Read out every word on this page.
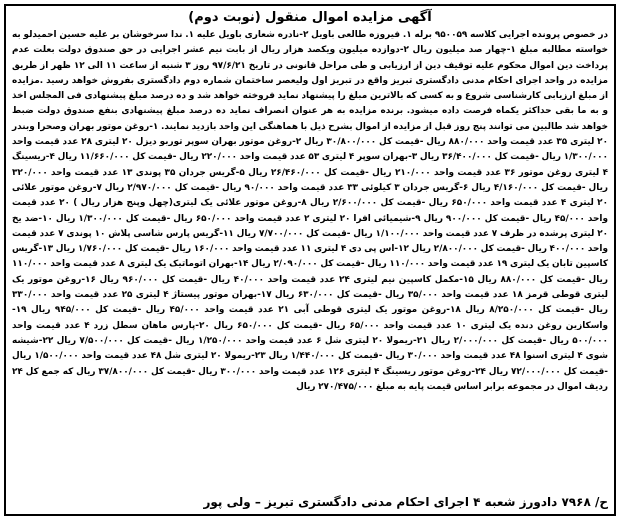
آگهی مزایده اموال منقول (نوبت دوم)
در خصوص پرونده اجرایی کلاسه ۹۵۰۰۵۹ برله ۱. فیروزه طالعی باویل ۲-نادره شعاری باویل علیه ۱. ندا سرخوشان بر علیه حسین احمیدلو به خواسته مطالبه مبلغ ۱-چهار صد میلیون ریال ۲-دوازده میلیون ویکصد هزار ریال از بابت نیم عشر اجرایی در حق صندوق دولت بعلت عدم پرداخت دین اموال محکوم علیه توقیف دین از ارزیابی و طی مراحل قانونی در تاریخ ۹۷/۶/۲۱ روز ۳ شنبه از ساعت ۱۱ الی ۱۲ ظهر از طریق مزایده در واحد اجرای احکام مدنی دادگستری تبریز واقع در تبریز اول ولیعصر ساختمان شماره دوم دادگستری بفروش خواهد رسید .مزایده از مبلغ ارزیابی کارشناسی شروع و به کسی که بالاترین مبلغ را پیشنهاد نماید فروخته خواهد شد و ده درصد مبلغ پیشنهادی فی المجلس اخذ و به ما بقی حداکثر یکماه فرصت داده میشود. برنده مزایده به هر عنوان انصراف نماید ده درصد مبلغ پیشنهادی بنفع صندوق دولت ضبط خواهد شد طالبین می توانند پنج روز قبل از مزایده از اموال بشرح ذیل با هماهنگی این واحد بازدید نمایند. ۱-روغن موتور بهران وصحرا وبندر ۲۰ لیتری ۳۵ عدد قیمت واحد ۸۸۰/۰۰۰ ریال -قیمت کل ۳۰/۸۰۰/۰۰۰ ریال ۲-روغن موتور بهران سوپر توربو دیزل ۲۰ لیتری ۲۸ عدد قیمت واحد ۱/۳۰۰/۰۰۰ ریال -قیمت کل ۳۶/۴۰۰/۰۰۰ ریال ۳-بهران سوپر ۴ لیتری ۵۳ عدد قیمت واحد ۲۲۰/۰۰۰ ریال -قیمت کل ۱۱/۶۶۰/۰۰۰ ریال ۴-ریسینگ ۴ لیتری روغن موتور ۳۶ عدد قیمت واحد ۲۱۰/۰۰۰ ریال -قیمت کل ۲۶/۴۶۰/۰۰۰ ریال ۵-گریس جردان ۳۵ پوندی ۱۳ عدد قیمت واحد ۳۲۰/۰۰۰ ریال -قیمت کل ۴/۱۶۰/۰۰۰ ریال ۶-گریس جردان ۳ کیلوئی ۳۳ عدد قیمت واحد ۹۰/۰۰۰ ریال -قیمت کل ۲/۹۷۰/۰۰۰ ریال ۷-روغن موتور علائی ۲۰ لیتری ۴ عدد قیمت واحد ۶۵۰/۰۰۰ ریال -قیمت کل ۲/۶۰۰/۰۰۰ ریال ۸-روغن موتور علائی یک لیتری(چهل وپنج هزار ریال ) ۲۰ عدد قیمت واحد ۴۵/۰۰۰ ریال -قیمت کل ۹۰۰/۰۰۰ ریال ۹-شیمیائی افرا ۲۰ لیتری ۲ عدد قیمت واحد ۶۵۰/۰۰۰ ریال -قیمت کل ۱/۳۰۰/۰۰۰ ریال ۱۰-ضد یخ ۲۰ لیتری پرشده در ظرف ۷ عدد قیمت واحد ۱/۱۰۰/۰۰۰ ریال -قیمت کل ۷/۷۰۰/۰۰۰ ریال ۱۱-گریس پارس شاسی پلاش ۱۰ پوندی ۷ عدد قیمت واحد ۴۰۰/۰۰۰ ریال -قیمت کل ۲/۸۰۰/۰۰۰ ریال ۱۲-اس پی دی ۴ لیتری ۱۱ عدد قیمت واحد ۱۶۰/۰۰۰ ریال -قیمت کل ۱/۷۶۰/۰۰۰ ریال ۱۳-گریس کاسپین تابان یک لیتری ۱۹ عدد قیمت واحد ۱۱۰/۰۰۰ ریال -قیمت کل ۲/۰۹۰/۰۰۰ ریال ۱۴-بهران اتوماتیک یک لیتری ۸ عدد قیمت واحد ۱۱۰/۰۰۰ ریال -قیمت کل ۸۸۰/۰۰۰ ریال ۱۵-مکمل کاسپین نیم لیتری ۲۴ عدد قیمت واحد ۴۰/۰۰۰ ریال -قیمت کل ۹۶۰/۰۰۰ ریال ۱۶-روغن موتور یک لیتری قوطی قرمز ۱۸ عدد قیمت واحد ۳۵/۰۰۰ ریال -قیمت کل ۶۳۰/۰۰۰ ریال ۱۷-بهران موتور پیستاژ ۴ لیتری ۲۵ عدد قیمت واحد ۳۳۰/۰۰۰ ریال -قیمت کل ۸/۲۵۰/۰۰۰ ریال ۱۸-روغن موتور یک لیتری قوطی آبی ۲۱ عدد قیمت واحد ۴۵/۰۰۰ ریال -قیمت کل ۹۴۵/۰۰۰ ریال ۱۹-واسکازین روغن دنده یک لیتری ۱۰ عدد قیمت واحد ۶۵/۰۰۰ ریال -قیمت کل ۶۵۰/۰۰۰ ریال ۲۰-پارس ماهان سطل زرد ۴ عدد قیمت واحد ۵۰۰/۰۰۰ ریال -قیمت کل ۲/۰۰۰/۰۰۰ ریال ۲۱-ریمولا ۲۰ لیتری شل ۶ عدد قیمت واحد ۱/۲۵۰/۰۰۰ ریال -قیمت کل ۷/۵۰۰/۰۰۰ ریال ۲۲-شیشه شوی ۴ لیتری اسنوا ۴۸ عدد قیمت واحد ۳۰/۰۰۰ ریال -قیمت کل ۱/۴۴۰/۰۰۰ ریال ۲۳-ریمولا ۲۰ لیتری شل ۴۸ عدد قیمت واحد ۱/۵۰۰/۰۰۰ ریال -قیمت کل ۷۲/۰۰۰/۰۰۰ ریال ۲۴-روغن موتور ریسینگ ۴ لیتری ۱۲۶ عدد قیمت واحد ۳۰۰/۰۰۰ ریال -قیمت کل ۳۷/۸۰۰/۰۰۰ ریال که جمع کل ۲۴ ردیف اموال در مجموعه برابر اساس قیمت پایه به مبلغ ۲۷۰/۴۷۵/۰۰۰ ریال
ح/ ۷۹۶۸ دادورز شعبه ۴ اجرای احکام مدنی دادگستری تبریز – ولی پور
